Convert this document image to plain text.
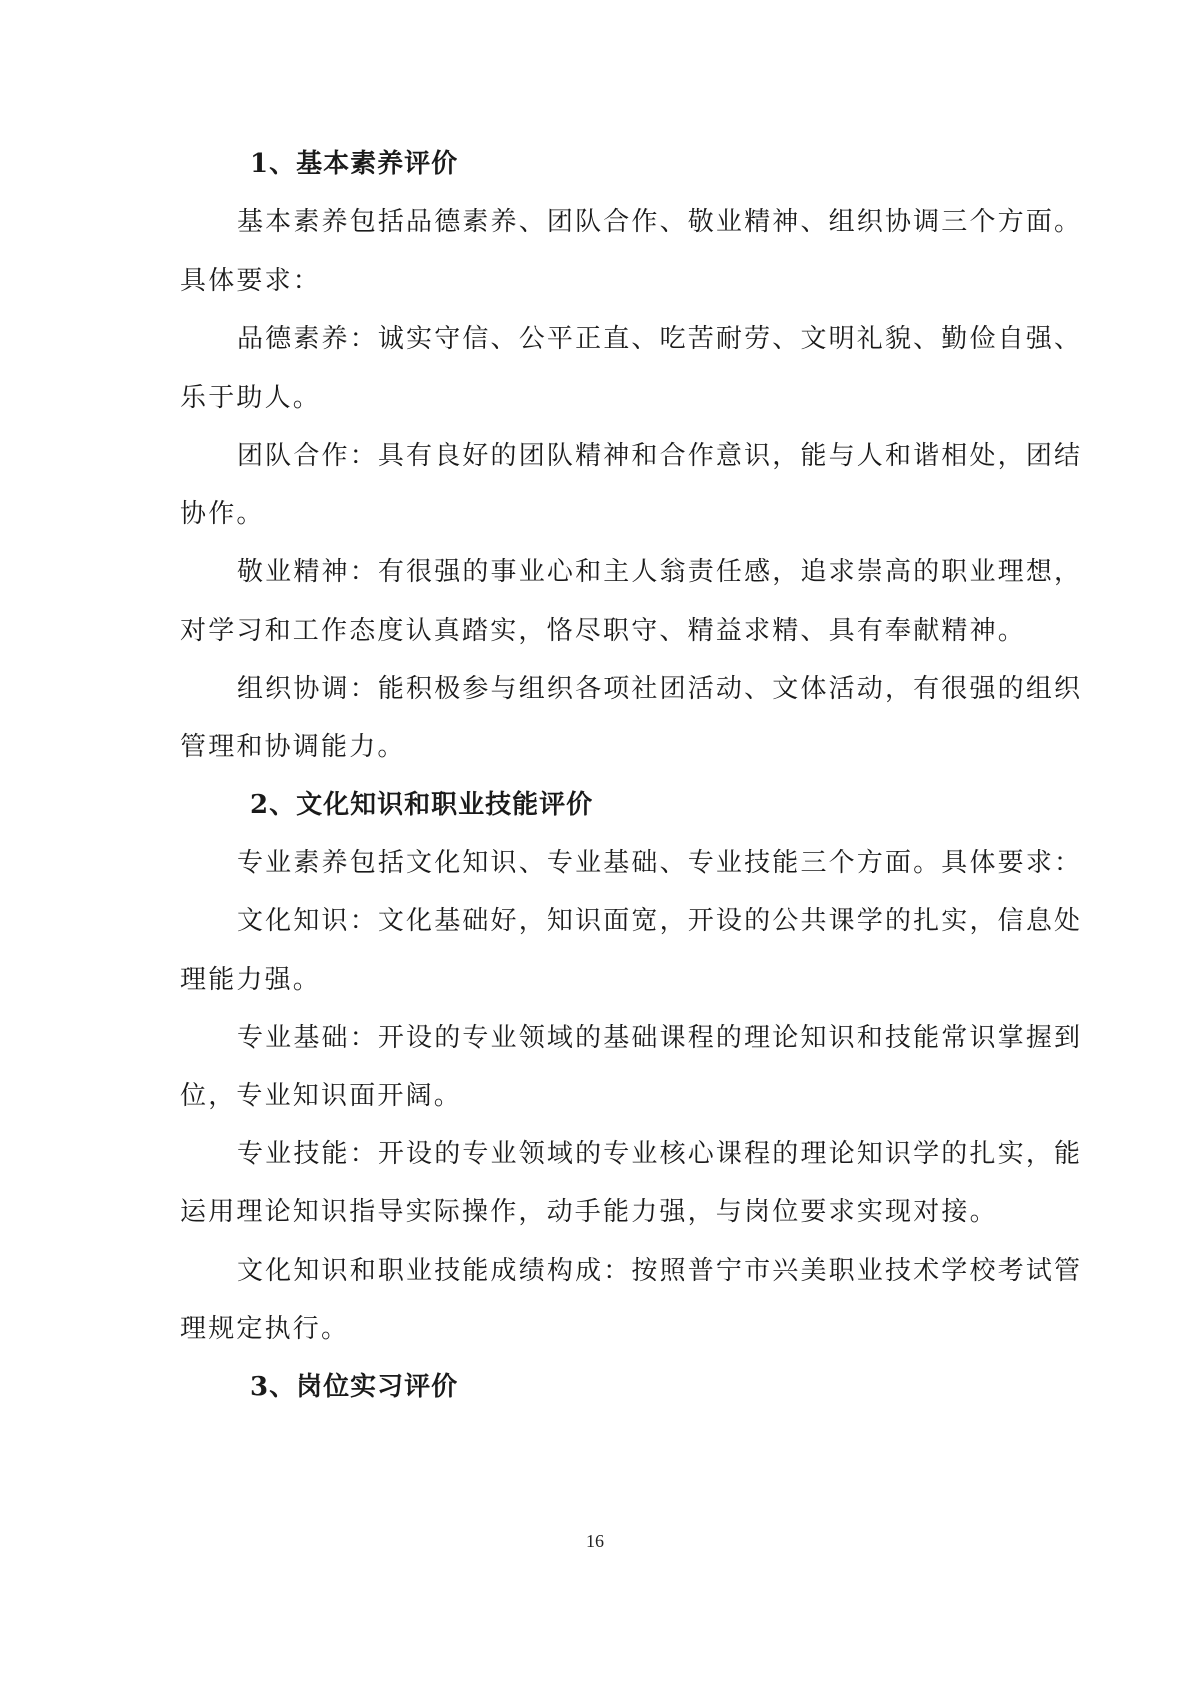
1、基本素养评价
基本素养包括品德素养、团队合作、敬业精神、组织协调三个方面。
具体要求：
品德素养：诚实守信、公平正直、吃苦耐劳、文明礼貌、勤俭自强、
乐于助人。
团队合作：具有良好的团队精神和合作意识，能与人和谐相处，团结
协作。
敬业精神：有很强的事业心和主人翁责任感，追求崇高的职业理想，
对学习和工作态度认真踏实，恪尽职守、精益求精、具有奉献精神。
组织协调：能积极参与组织各项社团活动、文体活动，有很强的组织
管理和协调能力。
2、文化知识和职业技能评价
专业素养包括文化知识、专业基础、专业技能三个方面。具体要求：
文化知识：文化基础好，知识面宽，开设的公共课学的扎实，信息处
理能力强。
专业基础：开设的专业领域的基础课程的理论知识和技能常识掌握到
位，专业知识面开阔。
专业技能：开设的专业领域的专业核心课程的理论知识学的扎实，能
运用理论知识指导实际操作，动手能力强，与岗位要求实现对接。
文化知识和职业技能成绩构成：按照普宁市兴美职业技术学校考试管
理规定执行。
3、岗位实习评价
16
